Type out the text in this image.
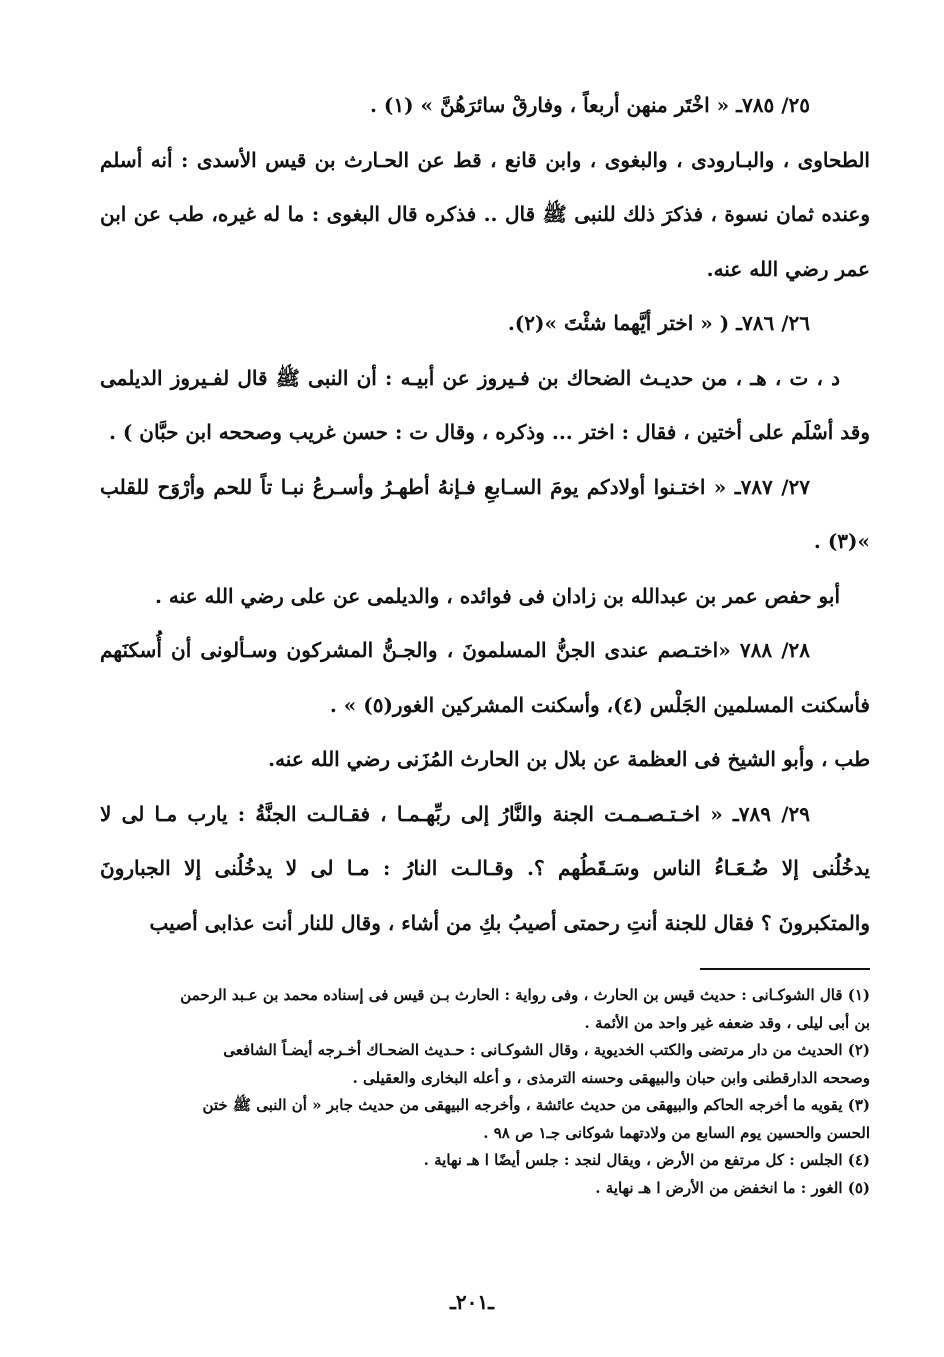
٢٥/ ٧٨٥ـ « اخْتَر منهن أربعاً ، وفارقْ سائرَهُنَّ » (١) .

الطحاوى ، والبـارودى ، والبغوى ، وابن قانع ، قط عن الحـارث بن قيس الأسدى : أنه أسلم وعنده ثمان نسوة ، فذكرَ ذلك للنبى ﷺ قال .. فذكره قال البغوى : ما له غيره، طب عن ابن عمر رضي الله عنه.

٢٦/ ٧٨٦ـ ( « اختر أيَّهما شئْتَ »(٢).

د ، ت ، هـ ، من حديـث الضحاك بن فـيروز عن أبيـه : أن النبى ﷺ قال لفـيروز الديلمى وقد أسْلَم على أختين ، فقال : اختر ... وذكره ، وقال ت : حسن غريب وصححه ابن حبَّان ) .

٢٧/ ٧٨٧ـ « اختـنوا أولادكم يومَ السـابعِ فـإنهُ أطهـرُ وأسـرعُ نبـا تاً للحم وأرْوَح للقلب »(٣) .

أبو حفص عمر بن عبدالله بن زادان فى فوائده ، والديلمى عن على رضي الله عنه .

٢٨/ ٧٨٨ «اختـصم عندى الجنُّ المسلمونَ ، والجـنُّ المشركون وسـألونى أن أُسكنَهم فأسكنت المسلمين الجَلْس (٤)، وأسكنت المشركين الغور(٥) » .

طب ، وأبو الشيخ فى العظمة عن بلال بن الحارث المُزَنى رضي الله عنه.

٢٩/ ٧٨٩ـ « اخـتـصـمـت الجنة والنَّارُ إلى ربِّهـمـا ، فقـالـت الجنَّةُ : يارب مـا لى لا يدخُلُنى إلا ضُـعَـاءُ الناس وسَـقَطُهم ؟. وقـالـت النارُ : مـا لى لا يدخُلُنى إلا الجبارونَ والمتكبرونَ ؟ فقال للجنة أنتِ رحمتى أصيبُ بكِ من أشاء ، وقال للنار أنت عذابى أصيب

(١) قال الشوكـانى : حديث قيس بن الحارث ، وفى رواية : الحارث بـن قيس فى إسناده محمد بن عـبد الرحمن
بن أبى ليلى ، وقد ضعفه غير واحد من الأئمة .

(٢) الحديث من دار مرتضى والكتب الخديوية ، وقال الشوكـانى : حـديث الضحـاك أخـرجه أيضـاً الشافعى
وصححه الدارقطنى وابن حبان والبيهقى وحسنه الترمذى ، و أعله البخارى والعقيلى .

(٣) يقويه ما أخرجه الحاكم والبيهقى من حديث عائشة ، وأخرجه البيهقى من حديث جابر « أن النبى ﷺ ختن
الحسن والحسين يوم السابع من ولادتهما شوكانى جـ١ ص ٩٨ .

(٤) الجلس : كل مرتفع من الأرض ، ويقال لنجد : جلس أيضًا ا هـ نهاية .

(٥) الغور : ما انخفض من الأرض ا هـ نهاية .

ـ٢٠١ـ
